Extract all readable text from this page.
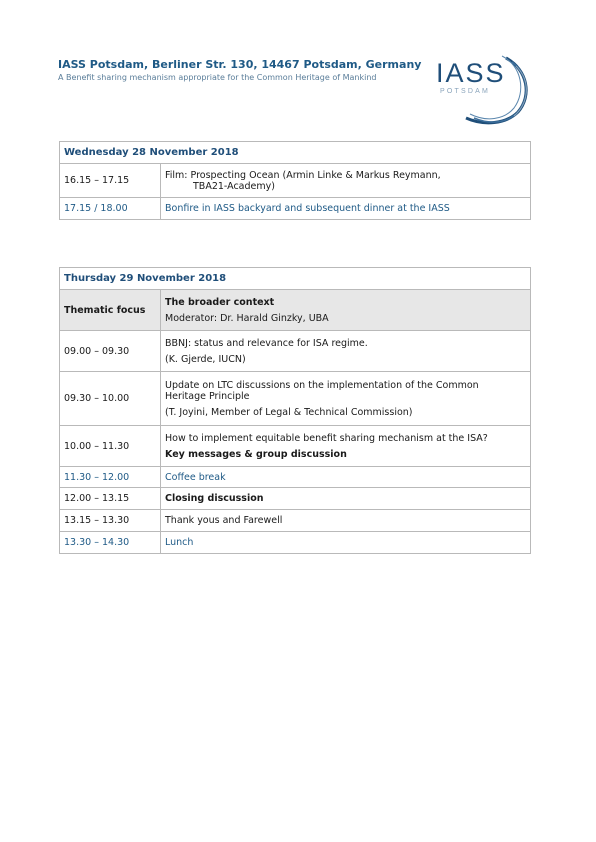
IASS Potsdam, Berliner Str. 130, 14467 Potsdam, Germany
A Benefit sharing mechanism appropriate for the Common Heritage of Mankind IASS
POTSDAM
Wednesday 28 November 2018	
16.15 – 17.15	Film: Prospecting Ocean (Armin Linke & Markus Reymann,
TBA21-Academy)

17.15 / 18.00	Bonfire in IASS backyard and subsequent dinner at the IASS
Thursday 29 November 2018	
Thematic focus	The broader context
Moderator: Dr. Harald Ginzky, UBA

09.00 – 09.30	BBNJ: status and relevance for ISA regime.
(K. Gjerde, IUCN)

09.30 – 10.00	Update on LTC discussions on the implementation of the Common
Heritage Principle
(T. Joyini, Member of Legal & Technical Commission)

10.00 – 11.30	How to implement equitable benefit sharing mechanism at the ISA?
Key messages & group discussion

11.30 – 12.00	Coffee break
12.00 – 13.15	Closing discussion
13.15 – 13.30	Thank yous and Farewell
13.30 – 14.30	Lunch
